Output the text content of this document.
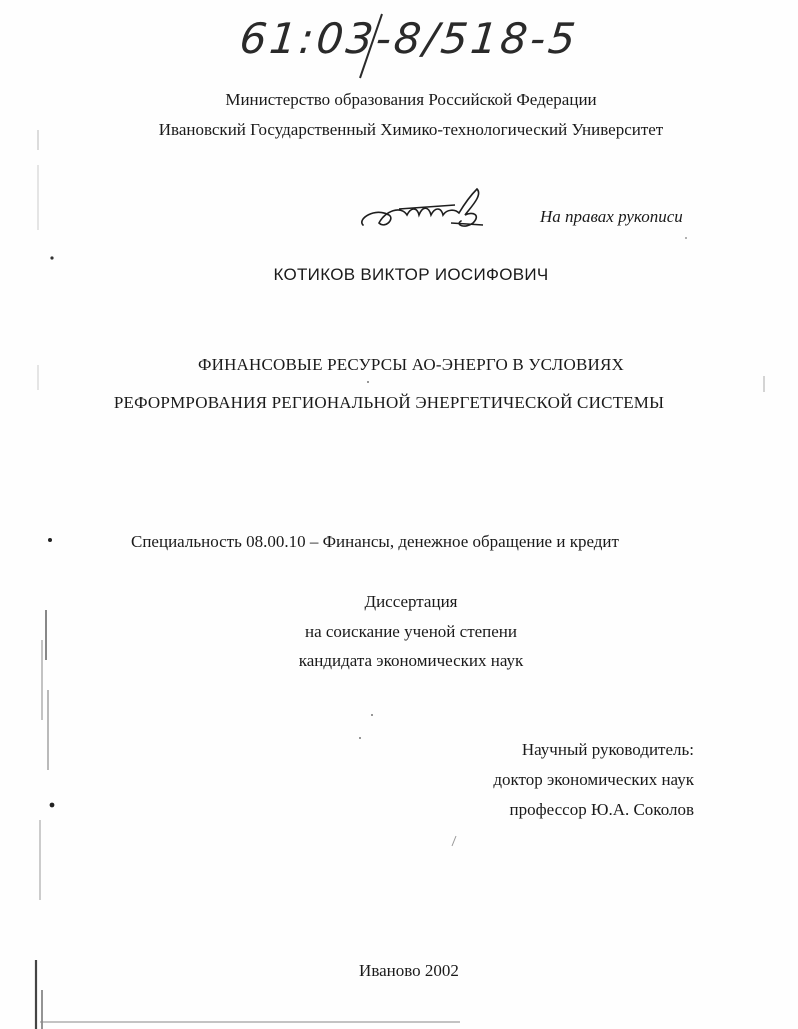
61:03-8/518-5
Министерство образования Российской Федерации
Ивановский Государственный Химико-технологический Университет
На правах рукописи
КОТИКОВ ВИКТОР ИОСИФОВИЧ
ФИНАНСОВЫЕ РЕСУРСЫ АО-ЭНЕРГО В УСЛОВИЯХ
РЕФОРМРОВАНИЯ РЕГИОНАЛЬНОЙ ЭНЕРГЕТИЧЕСКОЙ СИСТЕМЫ
Специальность 08.00.10 – Финансы, денежное обращение и кредит
Диссертация
на соискание ученой степени
кандидата экономических наук
Научный руководитель:
доктор экономических наук
профессор Ю.А. Соколов
Иваново 2002
